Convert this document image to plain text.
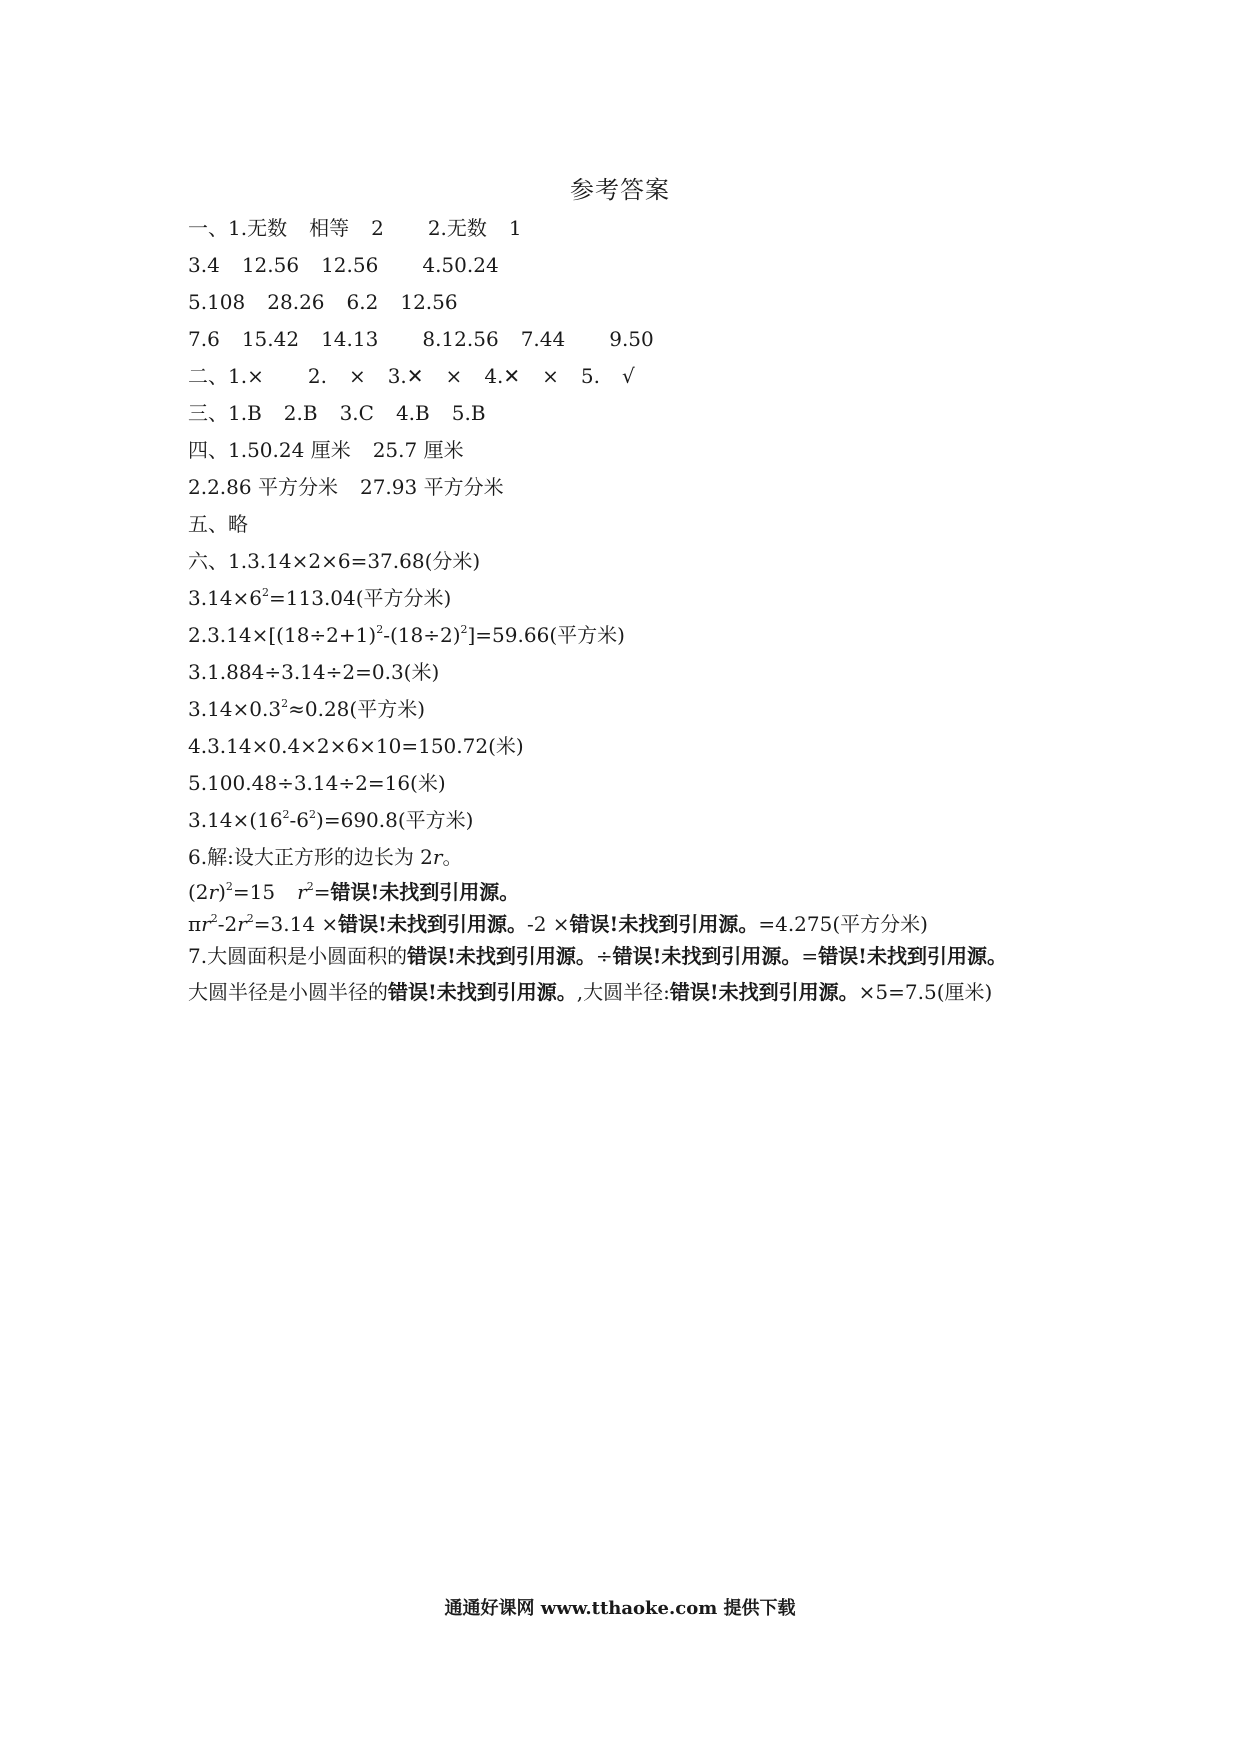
参考答案
一、1.无数 相等 2 2.无数 1
3.4 12.56 12.56 4.50.24
5.108 28.26 6.2 12.56
7.6 15.42 14.13 8.12.56 7.44 9.50
二、1.× 2. × 3.✕ × 4.✕ × 5. √
三、1.B 2.B 3.C 4.B 5.B
四、1.50.24 厘米 25.7 厘米
2.2.86 平方分米 27.93 平方分米
五、略
六、1.3.14×2×6=37.68(分米)
$3.14\times 6^2=113.04$(平方分米)
$2.3.14\times[(18\div 2+1)^2-(18\div 2)^2]=59.66$(平方米)
3.1.884÷3.14÷2=0.3(米)
$3.14\times 0.3^2\approx 0.28$(平方米)
4.3.14×0.4×2×6×10=150.72(米)
5.100.48÷3.14÷2=16(米)
$3.14\times(16^2-6^2)=690.8$(平方米)
6.解:设大正方形的边长为 2r。
$(2r)^2=15$ $r^2=$错误!未找到引用源。
$\pi r^2-2r^2=3.14$ ×错误!未找到引用源。-2 ×错误!未找到引用源。=4.275(平方分米)
7.大圆面积是小圆面积的错误!未找到引用源。÷错误!未找到引用源。=错误!未找到引用源。
大圆半径是小圆半径的错误!未找到引用源。,大圆半径:错误!未找到引用源。×5=7.5(厘米)
通通好课网 www.tthaoke.com 提供下载
